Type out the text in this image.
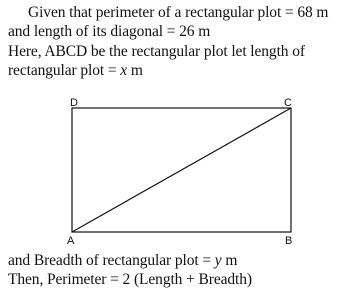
Given that perimeter of a rectangular plot = 68 m
and length of its diagonal = 26 m
Here, ABCD be the rectangular plot let length of
rectangular plot = x m
D	C
A	B
and Breadth of rectangular plot = y m
Then, Perimeter = 2 (Length + Breadth)
